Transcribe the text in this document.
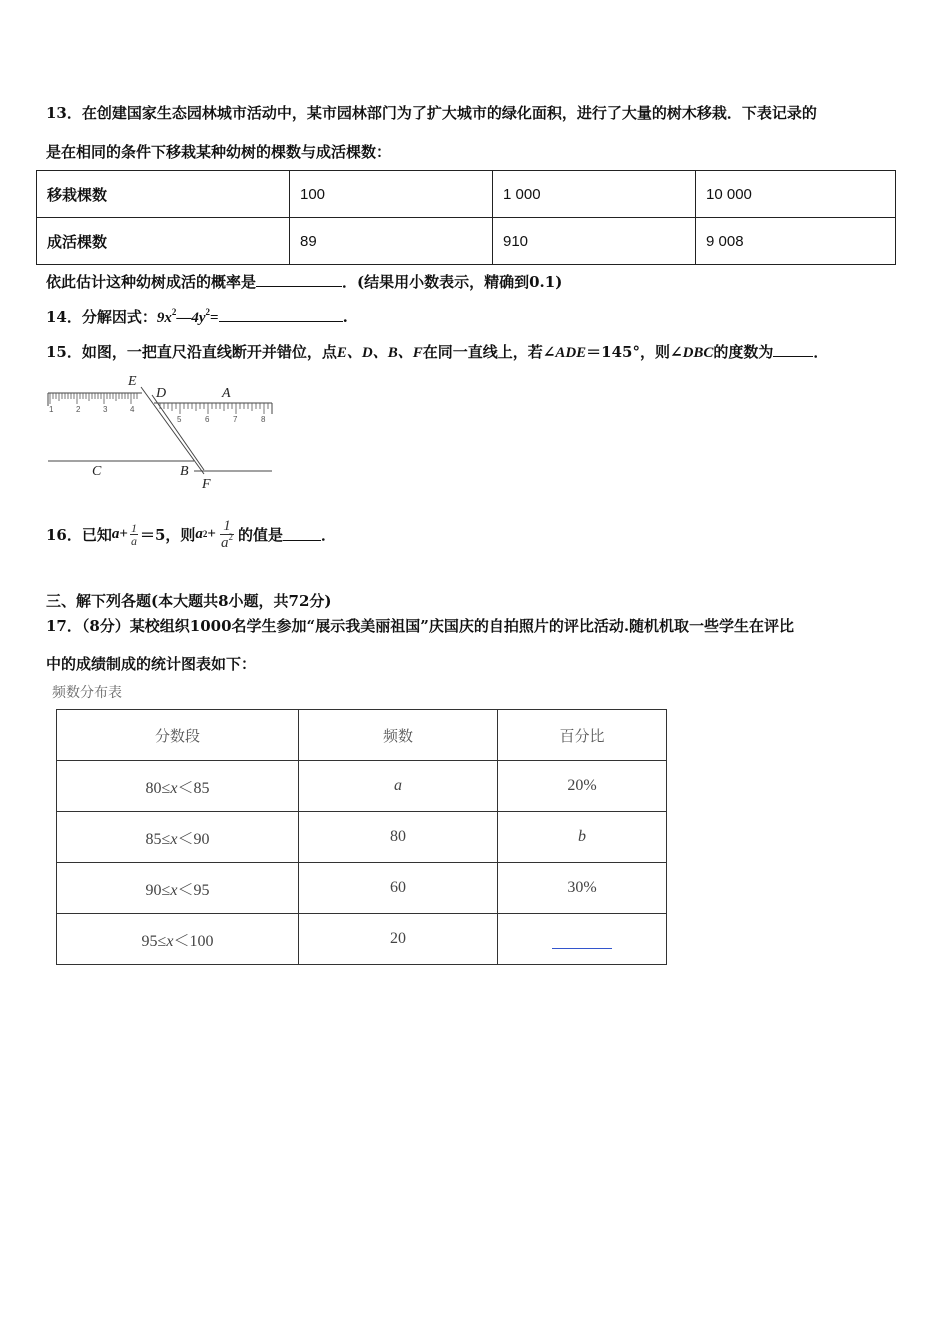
13．在创建国家生态园林城市活动中，某市园林部门为了扩大城市的绿化面积，进行了大量的树木移栽．下表记录的
是在相同的条件下移栽某种幼树的棵数与成活棵数：
移栽棵数	100	1 000	10 000
成活棵数	89	910	9 008
依此估计这种幼树成活的概率是	．(结果用小数表示，精确到0.1)
14．分解因式：$9x^2—4y^2=$	.
15．如图，一把直尺沿直线断开并错位，点E、D、B、F在同一直线上，若∠ADE＝145°，则∠DBC的度数为	．
1	2	3	4
5	6	7	8
E
D	A
C	B
F
16．已知 $a + \frac{1}{a} =5$，则 a $2 + \frac{1}{a^2}$ 的值是	．
三、解下列各题(本大题共8小题，共72分)
17．（8分）某校组织1000名学生参加“展示我美丽祖国”庆国庆的自拍照片的评比活动.随机机取一些学生在评比
中的成绩制成的统计图表如下：
频数分布表
分数段	频数	百分比
80≤x＜85	a	20%
85≤x＜90	80	b
90≤x＜95	60	30%
95≤x＜100	20	
